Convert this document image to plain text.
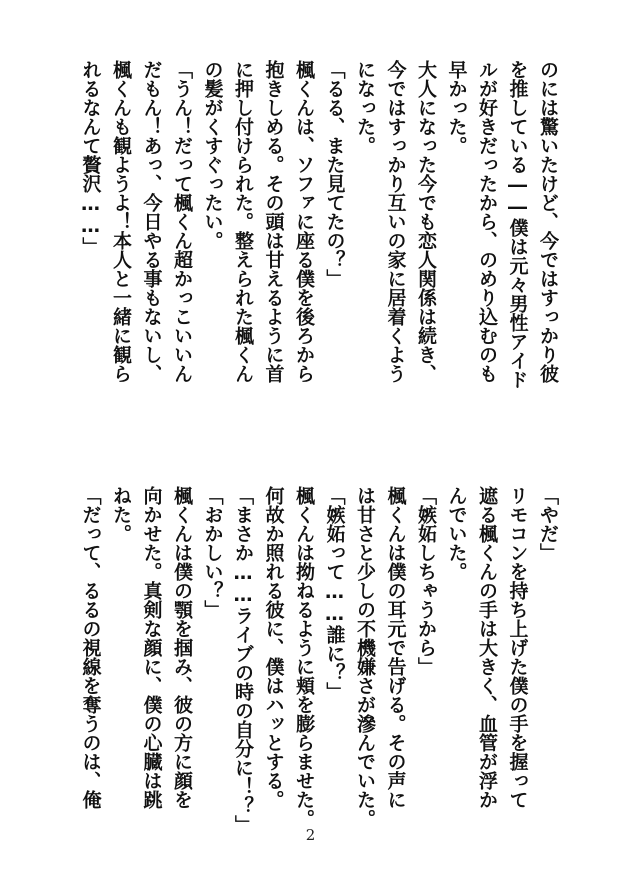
のには驚いたけど、今ではすっかり彼
を推している――僕は元々男性アイド
ルが好きだったから、のめり込むのも
早かった。
大人になった今でも恋人関係は続き、
今ではすっかり互いの家に居着くよう
になった。
「るる、また見てたの？」
楓くんは、ソファに座る僕を後ろから
抱きしめる。その頭は甘えるように首
に押し付けられた。整えられた楓くん
の髪がくすぐったい。
「うん！だって楓くん超かっこいいん
だもん！あっ、今日やる事もないし、
楓くんも観ようよ！本人と一緒に観ら
れるなんて贅沢……」
「やだ」
リモコンを持ち上げた僕の手を握って
遮る楓くんの手は大きく、血管が浮か
んでいた。
「嫉妬しちゃうから」
楓くんは僕の耳元で告げる。その声に
は甘さと少しの不機嫌さが滲んでいた。
「嫉妬って……誰に？」
楓くんは拗ねるように頬を膨らませた。
何故か照れる彼に、僕はハッとする。
「まさか……ライブの時の自分に！？」
「おかしい？」
楓くんは僕の顎を掴み、彼の方に顔を
向かせた。真剣な顔に、僕の心臓は跳
ねた。
「だって、るるの視線を奪うのは、俺
2
